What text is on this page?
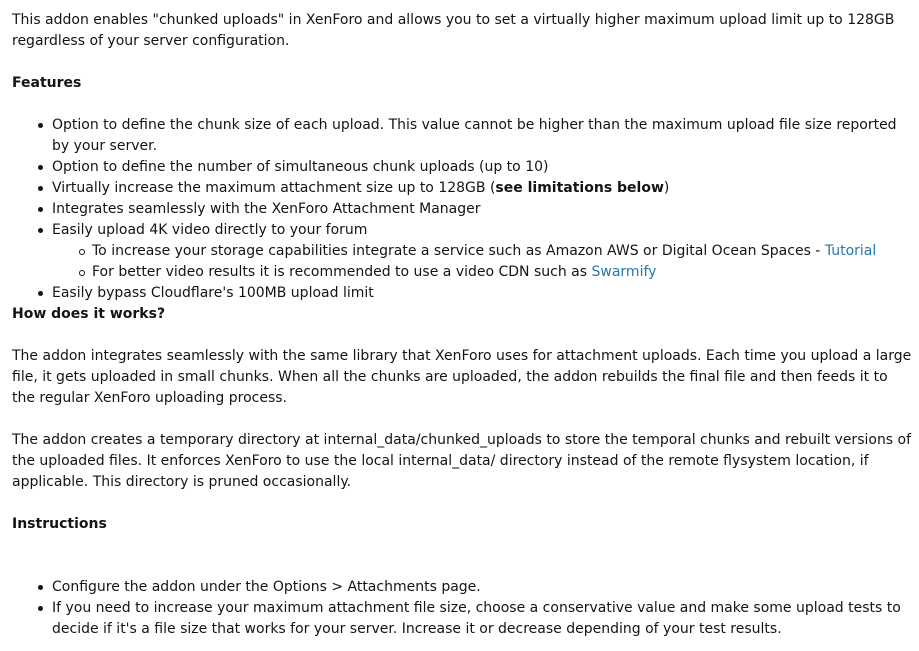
This addon enables "chunked uploads" in XenForo and allows you to set a virtually higher maximum upload limit up to 128GB regardless of your server configuration.

Features

Option to define the chunk size of each upload. This value cannot be higher than the maximum upload file size reported by your server.
Option to define the number of simultaneous chunk uploads (up to 10)
Virtually increase the maximum attachment size up to 128GB (see limitations below)
Integrates seamlessly with the XenForo Attachment Manager
Easily upload 4K video directly to your forum
To increase your storage capabilities integrate a service such as Amazon AWS or Digital Ocean Spaces - Tutorial
For better video results it is recommended to use a video CDN such as Swarmify
Easily bypass Cloudflare's 100MB upload limit

How does it works?

The addon integrates seamlessly with the same library that XenForo uses for attachment uploads. Each time you upload a large file, it gets uploaded in small chunks. When all the chunks are uploaded, the addon rebuilds the final file and then feeds it to the regular XenForo uploading process.

The addon creates a temporary directory at internal_data/chunked_uploads to store the temporal chunks and rebuilt versions of the uploaded files. It enforces XenForo to use the local internal_data/ directory instead of the remote flysystem location, if applicable. This directory is pruned occasionally.

Instructions

Configure the addon under the Options > Attachments page.
If you need to increase your maximum attachment file size, choose a conservative value and make some upload tests to decide if it's a file size that works for your server. Increase it or decrease depending of your test results.
